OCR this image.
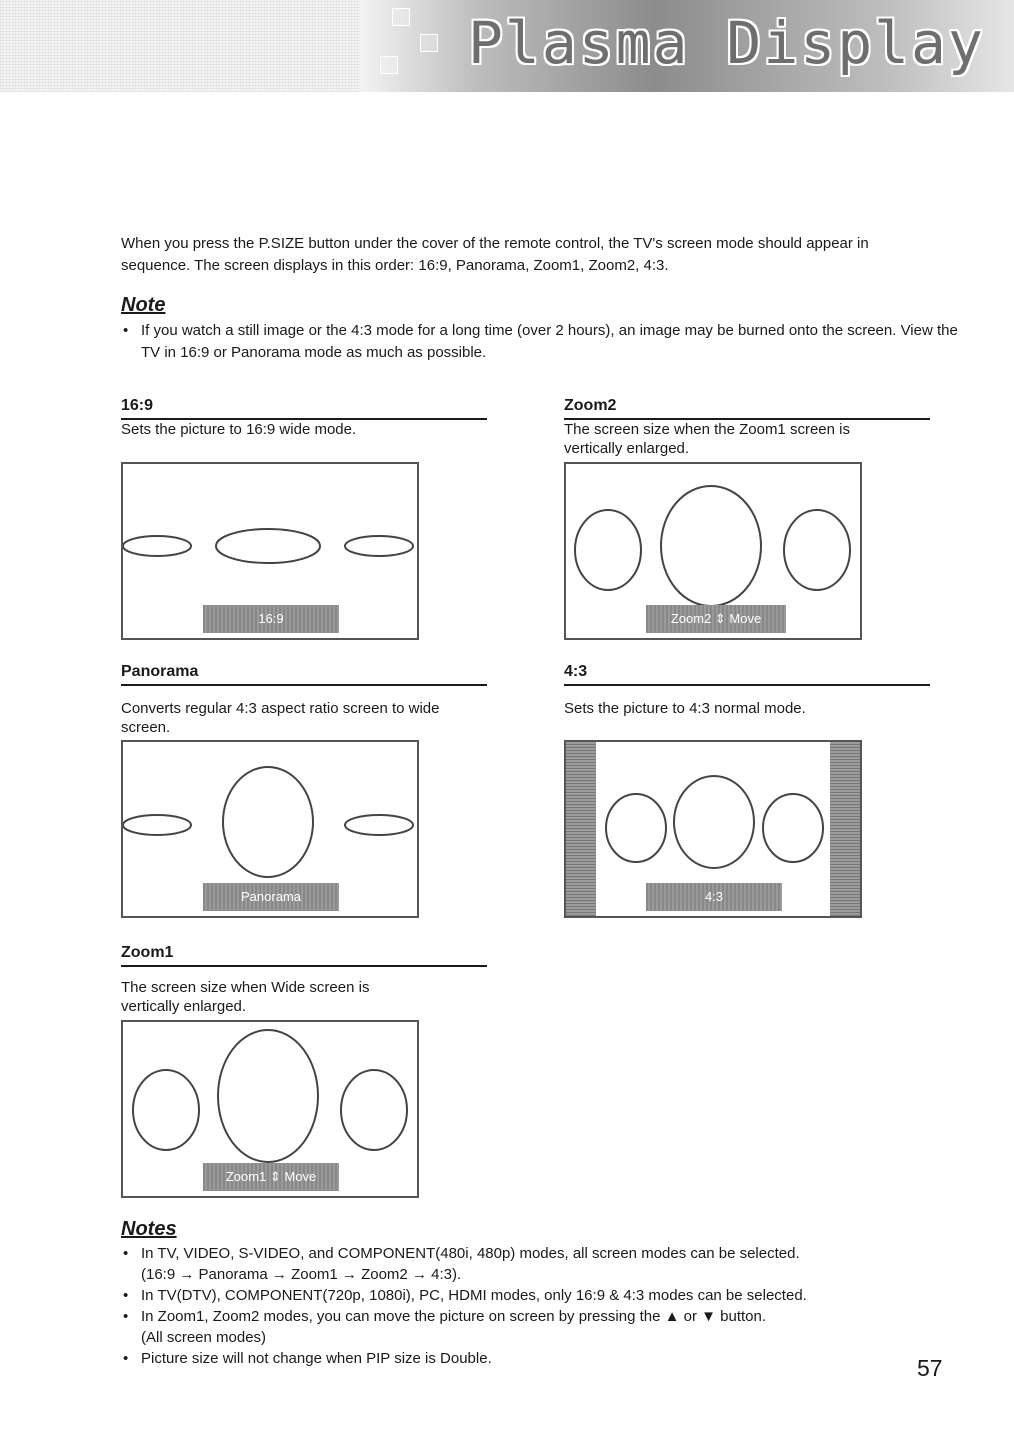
Plasma Display

When you press the P.SIZE button under the cover of the remote control, the TV's screen mode should appear in sequence. The screen displays in this order: 16:9, Panorama, Zoom1, Zoom2, 4:3.

Note
• If you watch a still image or the 4:3 mode for a long time (over 2 hours), an image may be burned onto the screen. View the TV in 16:9 or Panorama mode as much as possible.
16:9
Sets the picture to 16:9 wide mode.
16:9
Panorama
Converts regular 4:3 aspect ratio screen to wide screen.
Panorama
Zoom1
The screen size when Wide screen is vertically enlarged.
Zoom1 ⇕ Move
Zoom2
The screen size when the Zoom1 screen is vertically enlarged.
Zoom2 ⇕ Move
4:3
Sets the picture to 4:3 normal mode.
4:3
Notes
• In TV, VIDEO, S-VIDEO, and COMPONENT(480i, 480p) modes, all screen modes can be selected.
(16:9 → Panorama → Zoom1 → Zoom2 → 4:3).
• In TV(DTV), COMPONENT(720p, 1080i), PC, HDMI modes, only 16:9 & 4:3 modes can be selected.
• In Zoom1, Zoom2 modes, you can move the picture on screen by pressing the ▲ or ▼ button.
(All screen modes)
• Picture size will not change when PIP size is Double.	57
